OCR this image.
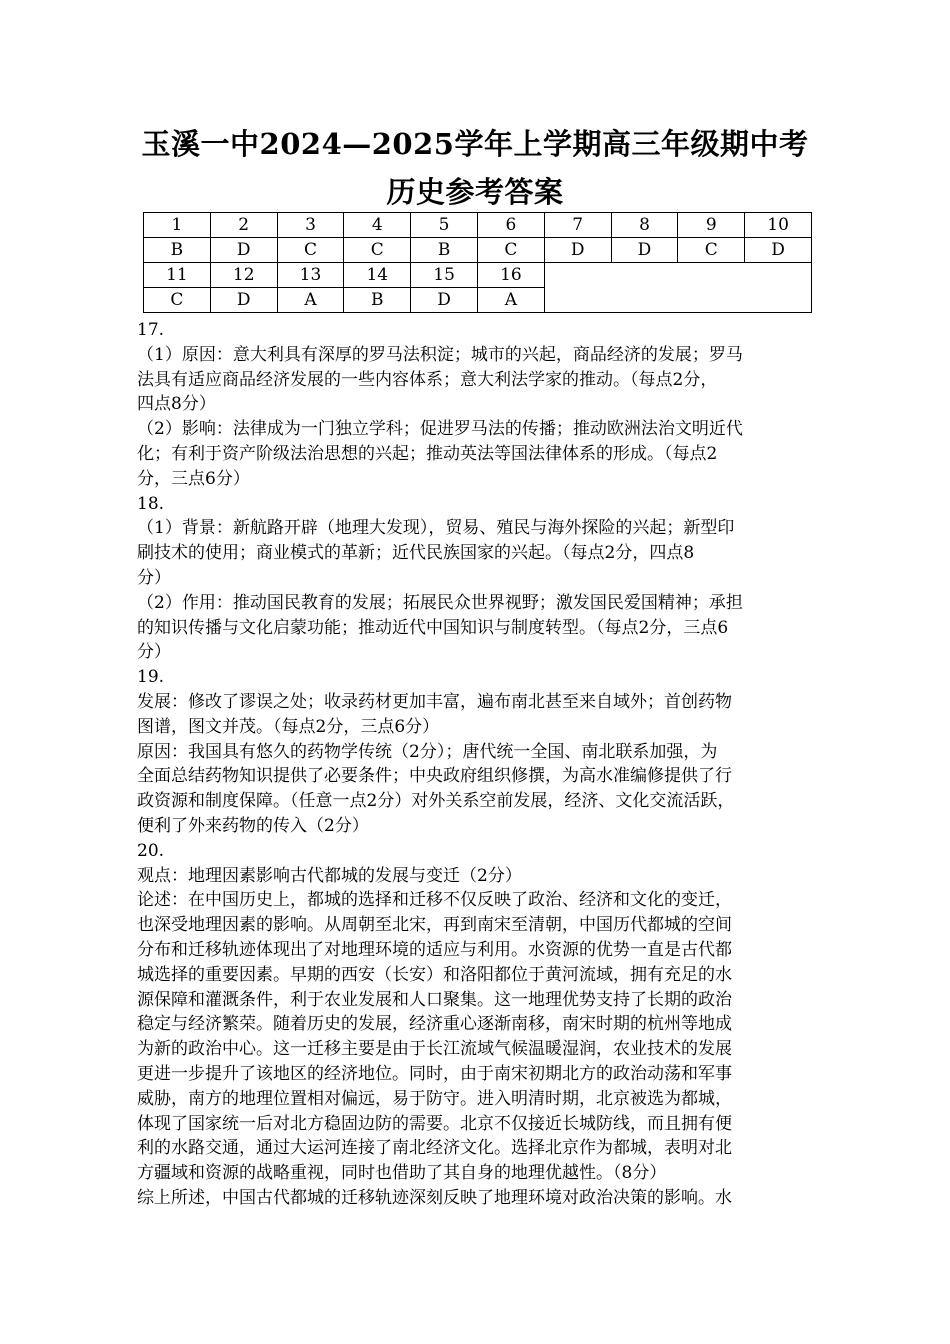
玉溪一中2024—2025学年上学期高三年级期中考
历史参考答案
1	2	3	4	5	6	7	8	9	10
B	D	C	C	B	C	D	D	C	D
11	12	13	14	15	16				
C	D	A	B	D	A				

17.

（1）原因：意大利具有深厚的罗马法积淀；城市的兴起，商品经济的发展；罗马

法具有适应商品经济发展的一些内容体系；意大利法学家的推动。（每点2分，

四点8分）

（2）影响：法律成为一门独立学科；促进罗马法的传播；推动欧洲法治文明近代

化；有利于资产阶级法治思想的兴起；推动英法等国法律体系的形成。（每点2

分，三点6分）

18.

（1）背景：新航路开辟（地理大发现），贸易、殖民与海外探险的兴起；新型印

刷技术的使用；商业模式的革新；近代民族国家的兴起。（每点2分，四点8

分）

（2）作用：推动国民教育的发展；拓展民众世界视野；激发国民爱国精神；承担

的知识传播与文化启蒙功能；推动近代中国知识与制度转型。（每点2分，三点6

分）

19.

发展：修改了谬误之处；收录药材更加丰富，遍布南北甚至来自域外；首创药物

图谱，图文并茂。（每点2分，三点6分）

原因：我国具有悠久的药物学传统（2分）；唐代统一全国、南北联系加强，为

全面总结药物知识提供了必要条件；中央政府组织修撰，为高水准编修提供了行

政资源和制度保障。（任意一点2分）对外关系空前发展，经济、文化交流活跃，

便利了外来药物的传入（2分）

20.

观点：地理因素影响古代都城的发展与变迁（2分）

论述：在中国历史上，都城的选择和迁移不仅反映了政治、经济和文化的变迁，

也深受地理因素的影响。从周朝至北宋，再到南宋至清朝，中国历代都城的空间

分布和迁移轨迹体现出了对地理环境的适应与利用。水资源的优势一直是古代都

城选择的重要因素。早期的西安（长安）和洛阳都位于黄河流域，拥有充足的水

源保障和灌溉条件，利于农业发展和人口聚集。这一地理优势支持了长期的政治

稳定与经济繁荣。随着历史的发展，经济重心逐渐南移，南宋时期的杭州等地成

为新的政治中心。这一迁移主要是由于长江流域气候温暖湿润，农业技术的发展

更进一步提升了该地区的经济地位。同时，由于南宋初期北方的政治动荡和军事

威胁，南方的地理位置相对偏远，易于防守。进入明清时期，北京被选为都城，

体现了国家统一后对北方稳固边防的需要。北京不仅接近长城防线，而且拥有便

利的水路交通，通过大运河连接了南北经济文化。选择北京作为都城，表明对北

方疆域和资源的战略重视，同时也借助了其自身的地理优越性。（8分）

综上所述，中国古代都城的迁移轨迹深刻反映了地理环境对政治决策的影响。水
